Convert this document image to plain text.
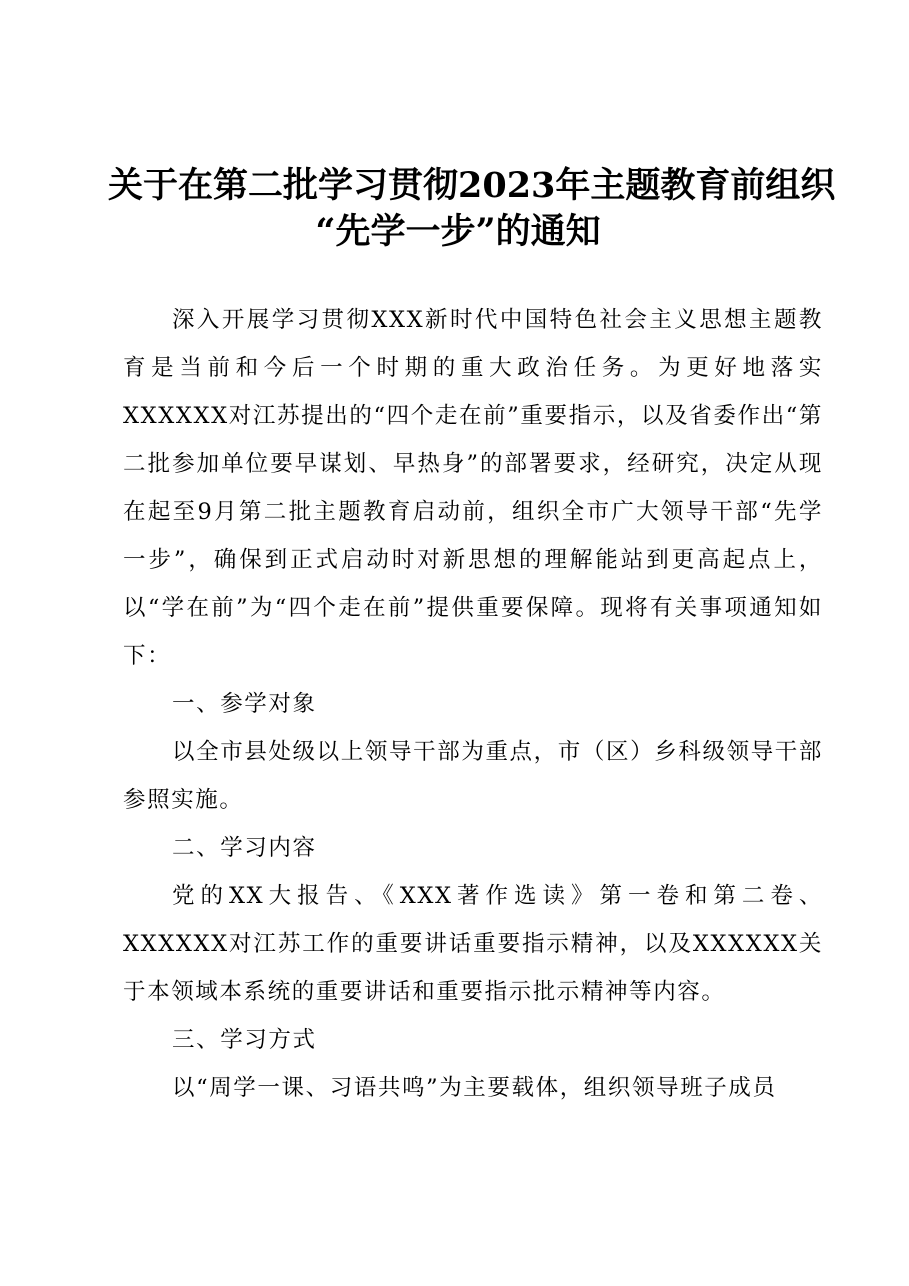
关于在第二批学习贯彻2023年主题教育前组织
“先学一步”的通知

深入开展学习贯彻XXX新时代中国特色社会主义思想主题教育是当前和今后一个时期的重大政治任务。为更好地落实XXXXXX对江苏提出的“四个走在前”重要指示，以及省委作出“第二批参加单位要早谋划、早热身”的部署要求，经研究，决定从现在起至9月第二批主题教育启动前，组织全市广大领导干部“先学一步”，确保到正式启动时对新思想的理解能站到更高起点上，以“学在前”为“四个走在前”提供重要保障。现将有关事项通知如下：

一、参学对象

以全市县处级以上领导干部为重点，市（区）乡科级领导干部参照实施。

二、学习内容

党的XX大报告、《XXX著作选读》第一卷和第二卷、XXXXXX对江苏工作的重要讲话重要指示精神，以及XXXXXX关于本领域本系统的重要讲话和重要指示批示精神等内容。

三、学习方式

以“周学一课、习语共鸣”为主要载体，组织领导班子成员
